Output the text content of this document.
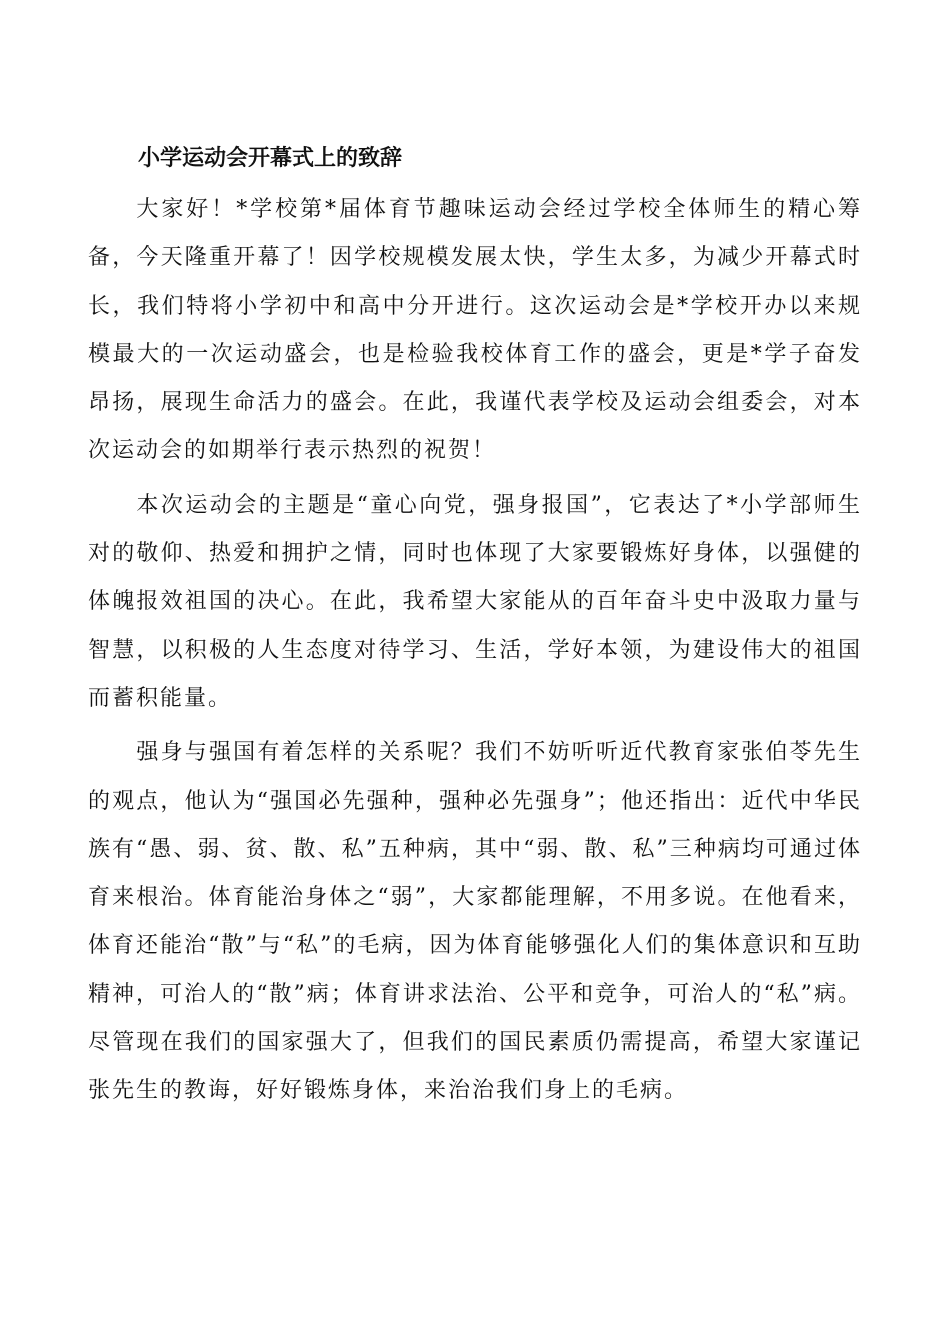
小学运动会开幕式上的致辞

大家好！*学校第*届体育节趣味运动会经过学校全体师生的精心筹备，今天隆重开幕了！因学校规模发展太快，学生太多，为减少开幕式时长，我们特将小学初中和高中分开进行。这次运动会是*学校开办以来规模最大的一次运动盛会，也是检验我校体育工作的盛会，更是*学子奋发昂扬，展现生命活力的盛会。在此，我谨代表学校及运动会组委会，对本次运动会的如期举行表示热烈的祝贺！

本次运动会的主题是“童心向党，强身报国”，它表达了*小学部师生对的敬仰、热爱和拥护之情，同时也体现了大家要锻炼好身体，以强健的体魄报效祖国的决心。在此，我希望大家能从的百年奋斗史中汲取力量与智慧，以积极的人生态度对待学习、生活，学好本领，为建设伟大的祖国而蓄积能量。

强身与强国有着怎样的关系呢？我们不妨听听近代教育家张伯苓先生的观点，他认为“强国必先强种，强种必先强身”；他还指出：近代中华民族有“愚、弱、贫、散、私”五种病，其中“弱、散、私”三种病均可通过体育来根治。体育能治身体之“弱”，大家都能理解，不用多说。在他看来，体育还能治“散”与“私”的毛病，因为体育能够强化人们的集体意识和互助精神，可治人的“散”病；体育讲求法治、公平和竞争，可治人的“私”病。尽管现在我们的国家强大了，但我们的国民素质仍需提高，希望大家谨记张先生的教诲，好好锻炼身体，来治治我们身上的毛病。
